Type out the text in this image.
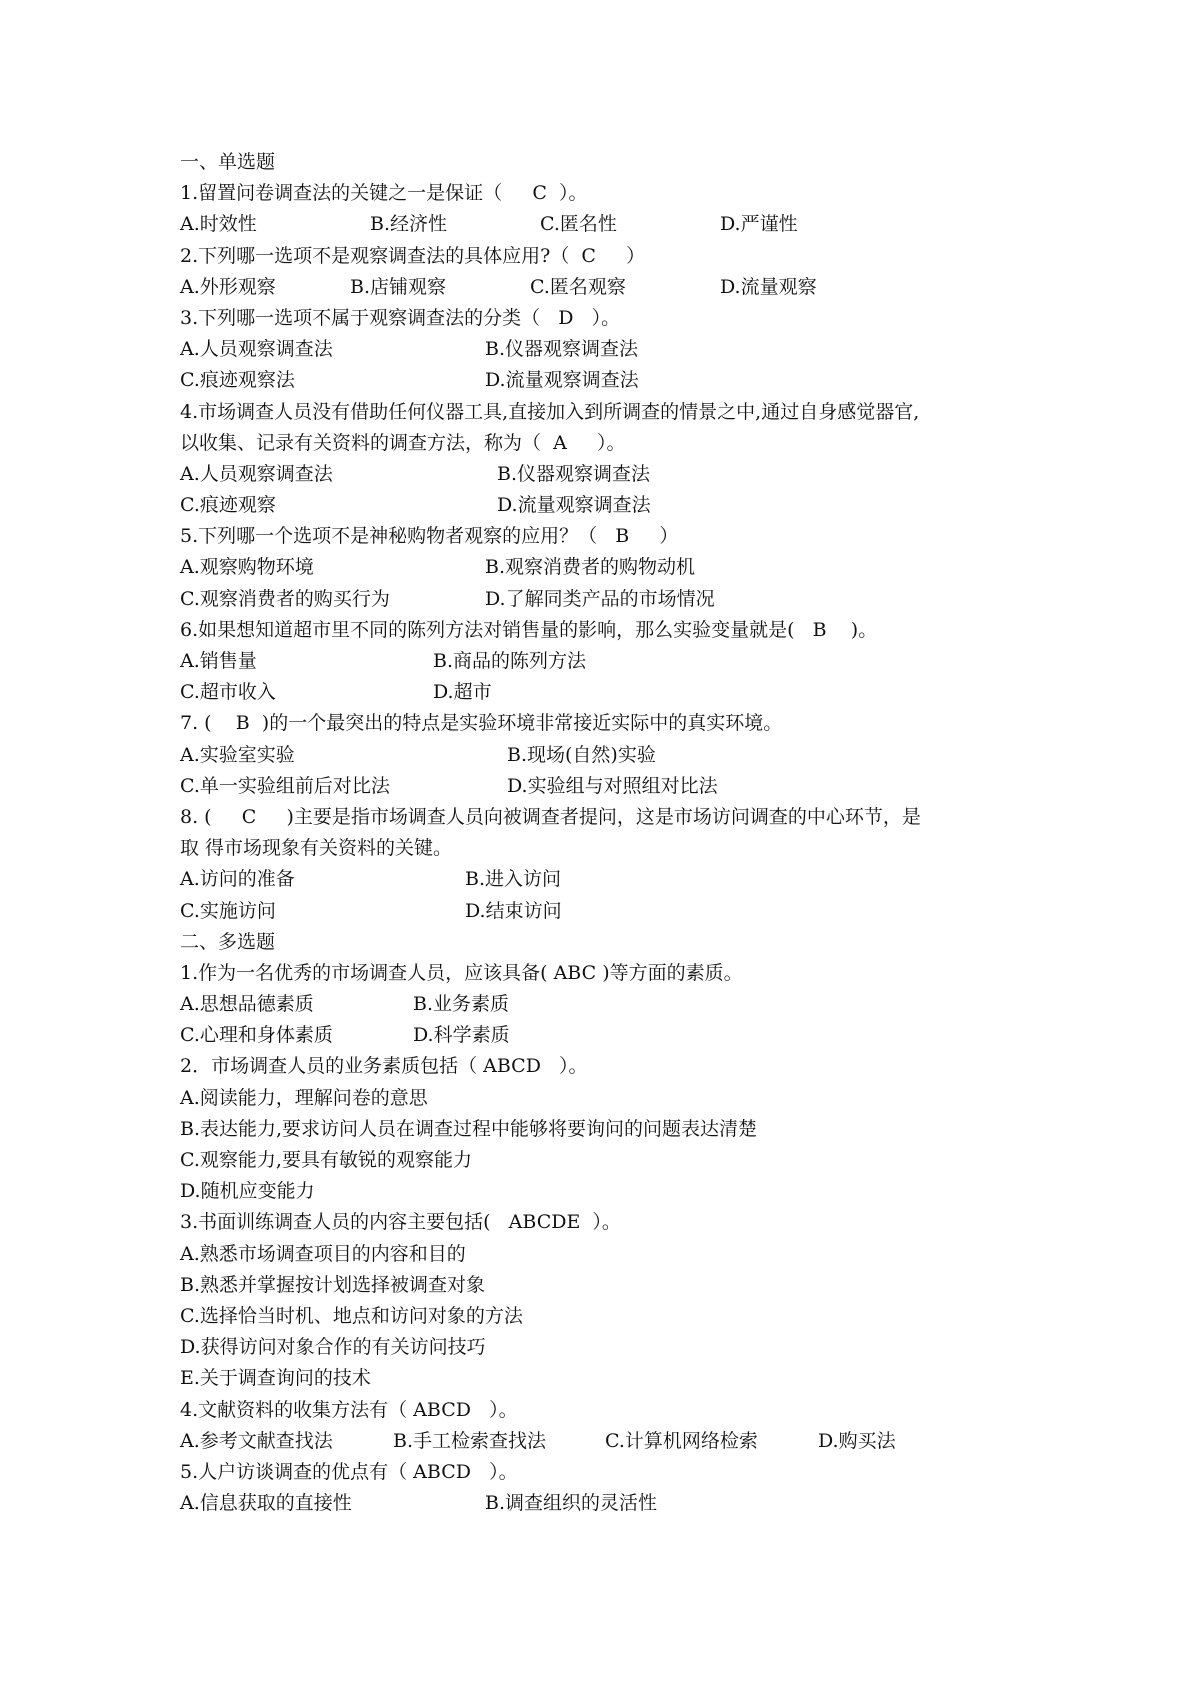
一、单选题
1.留置问卷调查法的关键之一是保证（     C  ）。
A.时效性	B.经济性	C.匿名性	D.严谨性
2.下列哪一选项不是观察调查法的具体应用?（  C     ）
A.外形观察	B.店铺观察	C.匿名观察	D.流量观察
3.下列哪一选项不属于观察调查法的分类（   D   ）。
A.人员观察调查法	B.仪器观察调查法
C.痕迹观察法	D.流量观察调查法
4.市场调查人员没有借助任何仪器工具,直接加入到所调查的情景之中,通过自身感觉器官,
以收集、记录有关资料的调查方法，称为（  A     ）。
A.人员观察调查法	B.仪器观察调查法
C.痕迹观察	D.流量观察调查法
5.下列哪一个选项不是神秘购物者观察的应用？（   B     ）
A.观察购物环境	B.观察消费者的购物动机
C.观察消费者的购买行为	D.了解同类产品的市场情况
6.如果想知道超市里不同的陈列方法对销售量的影响，那么实验变量就是(   B    )。
A.销售量	B.商品的陈列方法
C.超市收入	D.超市
7. (    B  )的一个最突出的特点是实验环境非常接近实际中的真实环境。
A.实验室实验	B.现场(自然)实验
C.单一实验组前后对比法	D.实验组与对照组对比法
8. (     C     )主要是指市场调查人员向被调查者提问，这是市场访问调查的中心环节，是
取 得市场现象有关资料的关键。
A.访问的准备	B.进入访问
C.实施访问	D.结束访问
二、多选题
1.作为一名优秀的市场调查人员，应该具备( ABC )等方面的素质。
A.思想品德素质	B.业务素质
C.心理和身体素质	D.科学素质
2．市场调查人员的业务素质包括（ ABCD   ）。
A.阅读能力，理解问卷的意思
B.表达能力,要求访问人员在调查过程中能够将要询问的问题表达清楚
C.观察能力,要具有敏锐的观察能力
D.随机应变能力
3.书面训练调查人员的内容主要包括(   ABCDE  ）。
A.熟悉市场调查项目的内容和目的
B.熟悉并掌握按计划选择被调查对象
C.选择恰当时机、地点和访问对象的方法
D.获得访问对象合作的有关访问技巧
E.关于调查询问的技术
4.文献资料的收集方法有（ ABCD   ）。
A.参考文献查找法	B.手工检索查找法	C.计算机网络检索	D.购买法
5.人户访谈调查的优点有（ ABCD   ）。
A.信息获取的直接性	B.调查组织的灵活性
